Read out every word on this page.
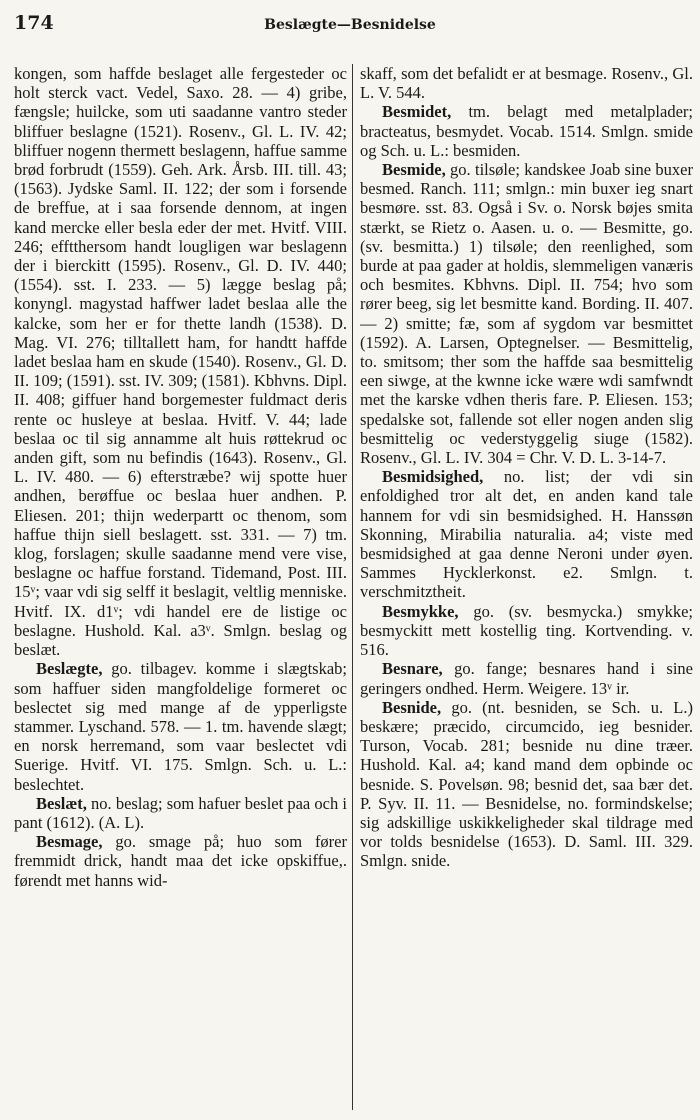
174	Beslægte—Besnidelse

kongen, som haffde beslaget alle fergesteder oc holt sterck vact. Vedel, Saxo. 28. — 4) gribe, fængsle; huilcke, som uti saadanne vantro steder bliffuer beslagne (1521). Rosenv., Gl. L. IV. 42; bliffuer nogenn thermett beslagenn, haffue samme brød forbrudt (1559). Geh. Ark. Årsb. III. till. 43; (1563). Jydske Saml. II. 122; der som i forsende de breffue, at i saa forsende dennom, at ingen kand mercke eller besla eder der met. Hvitf. VIII. 246; efftthersom handt lougligen war beslagenn der i bierckitt (1595). Rosenv., Gl. D. IV. 440; (1554). sst. I. 233. — 5) lægge beslag på; konyngl. magystad haffwer ladet beslaa alle the kalcke, som her er for thette landh (1538). D. Mag. VI. 276; tilltallett ham, for handtt haffde ladet beslaa ham en skude (1540). Rosenv., Gl. D. II. 109; (1591). sst. IV. 309; (1581). Kbhvns. Dipl. II. 408; giffuer hand borgemester fuldmact deris rente oc husleye at beslaa. Hvitf. V. 44; lade beslaa oc til sig annamme alt huis røttekrud oc anden gift, som nu befindis (1643). Rosenv., Gl. L. IV. 480. — 6) efterstræbe? wij spotte huer andhen, berøffue oc beslaa huer andhen. P. Eliesen. 201; thijn wederpartt oc thenom, som haffue thijn siell beslagett. sst. 331. — 7) tm. klog, forslagen; skulle saadanne mend vere vise, beslagne oc haffue forstand. Tidemand, Post. III. 15ᵛ; vaar vdi sig selff it beslagit, veltlig menniske. Hvitf. IX. d1ᵛ; vdi handel ere de listige oc beslagne. Hushold. Kal. a3ᵛ. Smlgn. beslag og beslæt.

Beslægte, go. tilbagev. komme i slægtskab; som haffuer siden mangfoldelige formeret oc beslectet sig med mange af de ypperligste stammer. Lyschand. 578. — 1. tm. havende slægt; en norsk herremand, som vaar beslectet vdi Suerige. Hvitf. VI. 175. Smlgn. Sch. u. L.: beslechtet.

Beslæt, no. beslag; som hafuer beslet paa och i pant (1612). (A. L).

Besmage, go. smage på; huo som fører fremmidt drick, handt maa det icke opskiffue,. førendt met hanns wid-

skaff, som det befalidt er at besmage. Rosenv., Gl. L. V. 544.

Besmidet, tm. belagt med metalplader; bracteatus, besmydet. Vocab. 1514. Smlgn. smide og Sch. u. L.: besmiden.

Besmide, go. tilsøle; kandskee Joab sine buxer besmed. Ranch. 111; smlgn.: min buxer ieg snart besmøre. sst. 83. Også i Sv. o. Norsk bøjes smita stærkt, se Rietz o. Aasen. u. o. — Besmitte, go. (sv. besmitta.) 1) tilsøle; den reenlighed, som burde at paa gader at holdis, slemmeligen vanæris och besmites. Kbhvns. Dipl. II. 754; hvo som rører beeg, sig let besmitte kand. Bording. II. 407. — 2) smitte; fæ, som af sygdom var besmittet (1592). A. Larsen, Optegnelser. — Besmittelig, to. smitsom; ther som the haffde saa besmittelig een siwge, at the kwnne icke wære wdi samfwndt met the karske vdhen theris fare. P. Eliesen. 153; spedalske sot, fallende sot eller nogen anden slig besmittelig oc vederstyggelig siuge (1582). Rosenv., Gl. L. IV. 304 = Chr. V. D. L. 3-14-7.

Besmidsighed, no. list; der vdi sin enfoldighed tror alt det, en anden kand tale hannem for vdi sin besmidsighed. H. Hanssøn Skonning, Mirabilia naturalia. a4; viste med besmidsighed at gaa denne Neroni under øyen. Sammes Hycklerkonst. e2. Smlgn. t. verschmitztheit.

Besmykke, go. (sv. besmycka.) smykke; besmyckitt mett kostellig ting. Kortvending. v. 516.

Besnare, go. fange; besnares hand i sine geringers ondhed. Herm. Weigere. 13ᵛ ir.

Besnide, go. (nt. besniden, se Sch. u. L.) beskære; præcido, circumcido, ieg besnider. Turson, Vocab. 281; besnide nu dine træer. Hushold. Kal. a4; kand mand dem opbinde oc besnide. S. Povelsøn. 98; besnid det, saa bær det. P. Syv. II. 11. — Besnidelse, no. formindskelse; sig adskillige uskikkeligheder skal tildrage med vor tolds besnidelse (1653). D. Saml. III. 329. Smlgn. snide.
